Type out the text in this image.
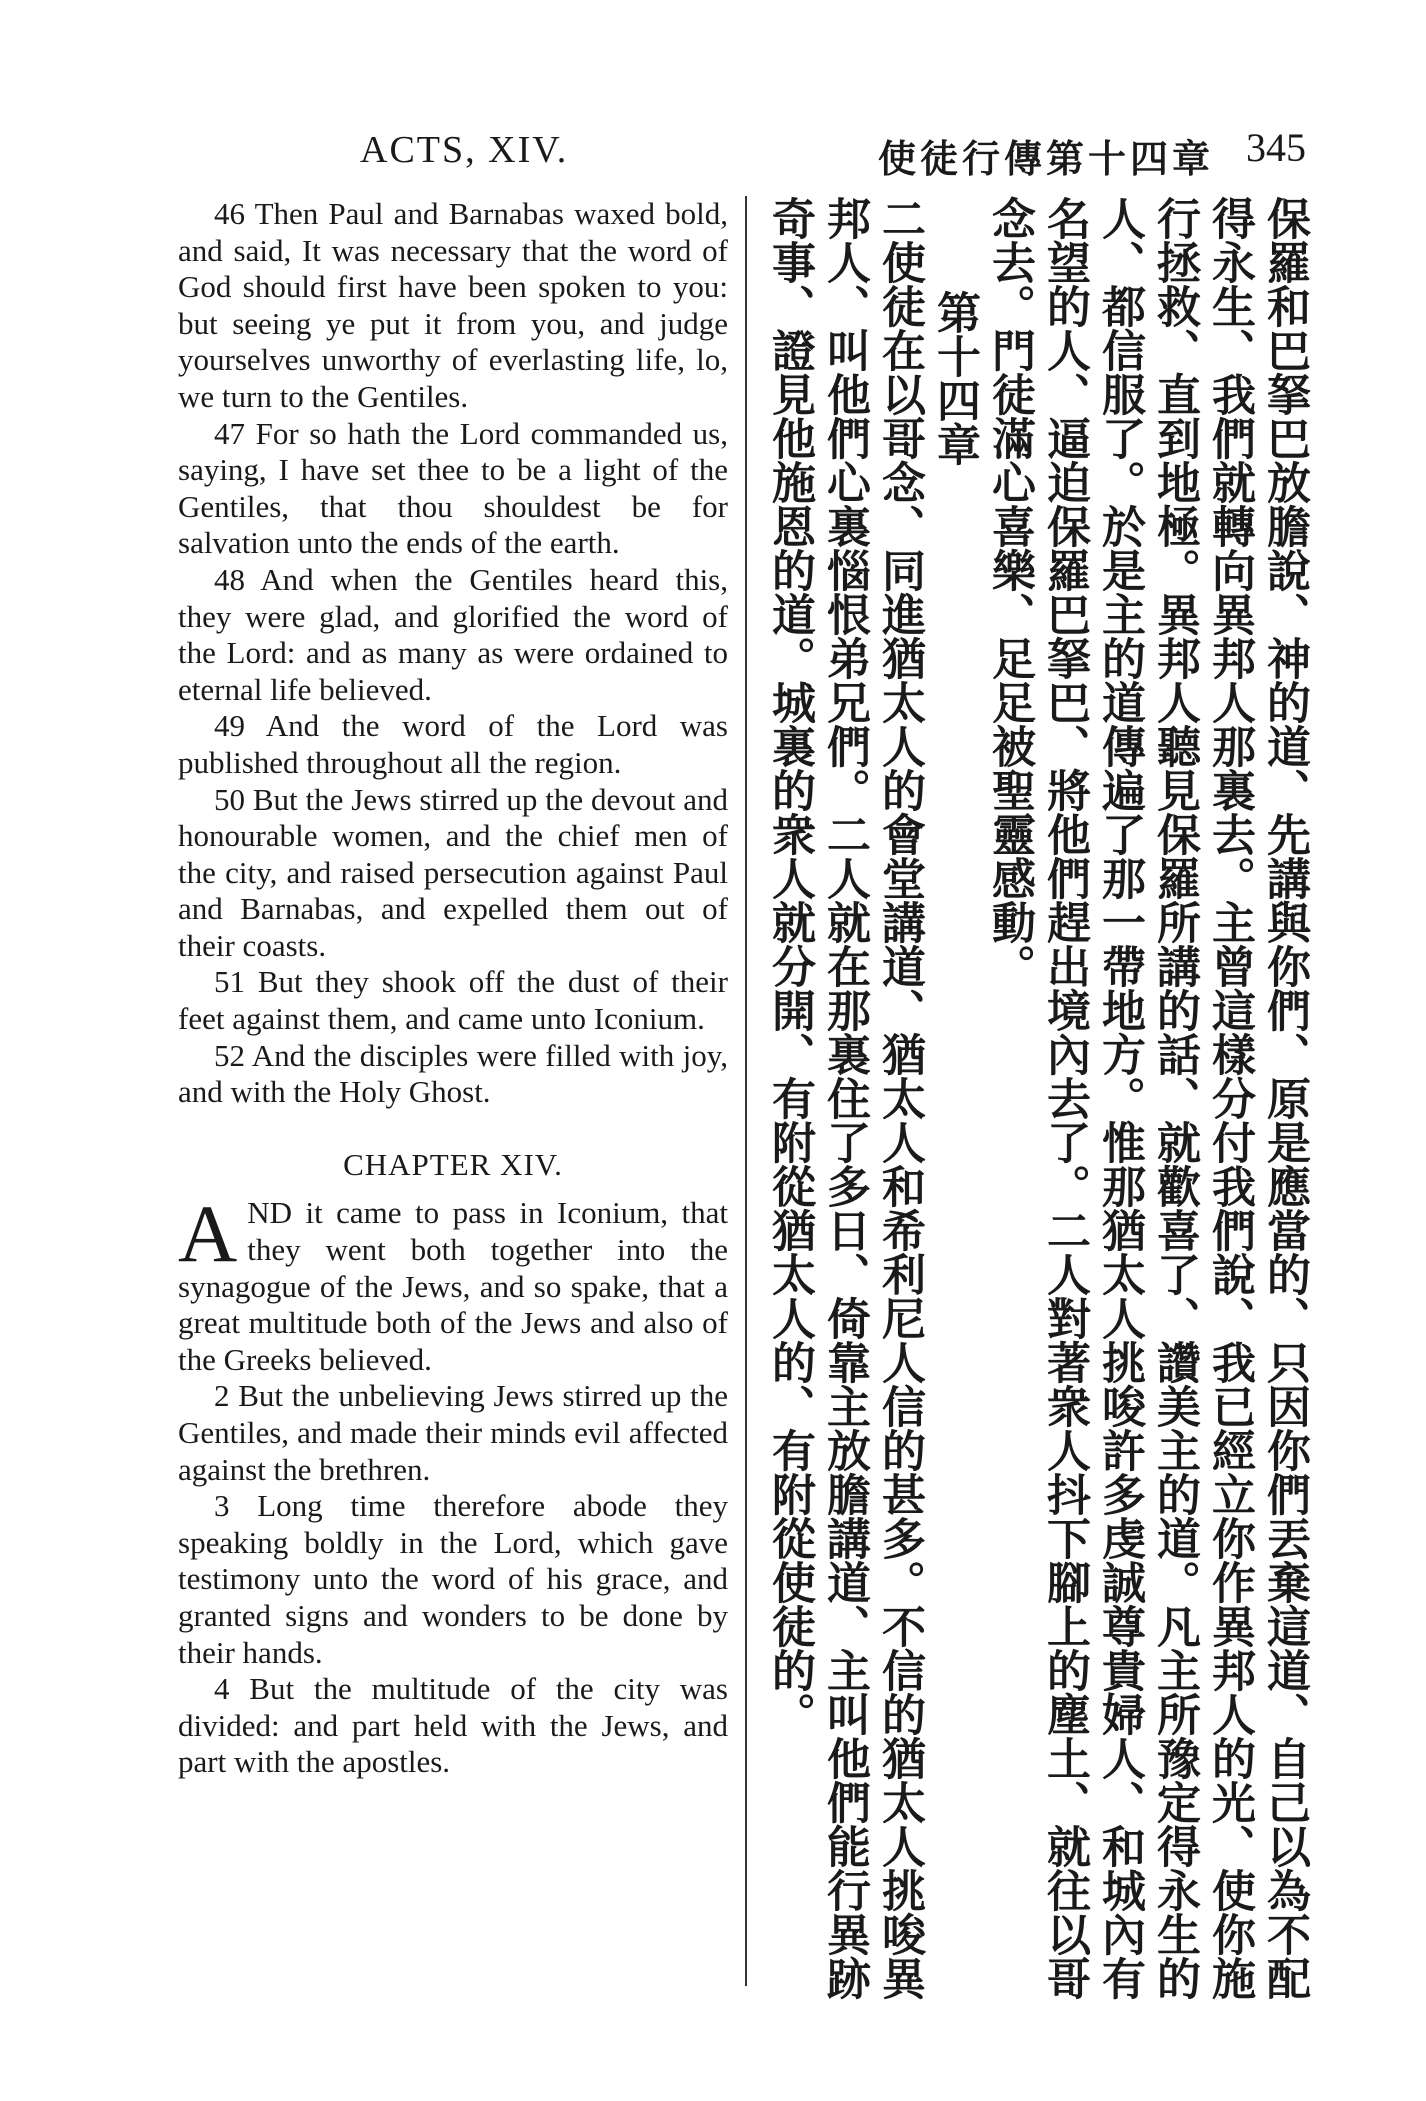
ACTS, XIV.	使徒行傳第十四章 345

46 Then Paul and Barnabas waxed bold, and said, It was necessary that the word of God should first have been spoken to you: but seeing ye put it from you, and judge yourselves unworthy of everlasting life, lo, we turn to the Gentiles.

47 For so hath the Lord commanded us, saying, I have set thee to be a light of the Gentiles, that thou shouldest be for salvation unto the ends of the earth.

48 And when the Gentiles heard this, they were glad, and glorified the word of the Lord: and as many as were ordained to eternal life believed.

49 And the word of the Lord was published throughout all the region.

50 But the Jews stirred up the devout and honourable women, and the chief men of the city, and raised persecution against Paul and Barnabas, and expelled them out of their coasts.

51 But they shook off the dust of their feet against them, and came unto Iconium.

52 And the disciples were filled with joy, and with the Holy Ghost.

CHAPTER XIV.

AND it came to pass in Iconium, that they went both together into the synagogue of the Jews, and so spake, that a great multitude both of the Jews and also of the Greeks believed.

2 But the unbelieving Jews stirred up the Gentiles, and made their minds evil affected against the brethren.

3 Long time therefore abode they speaking boldly in the Lord, which gave testimony unto the word of his grace, and granted signs and wonders to be done by their hands.

4 But the multitude of the city was divided: and part held with the Jews, and part with the apostles.	保羅和巴拏巴放膽說、神的道、先講與你們、原是應當的、只因你們丟棄這道、自己以為不配得永生、我們就轉向異邦人那裏去。主曾這樣分付我們說、我已經立你作異邦人的光、使你施行拯救、直到地極。異邦人聽見保羅所講的話、就歡喜了、讚美主的道。凡主所豫定得永生的人、都信服了。於是主的道傳遍了那一帶地方。惟那猶太人挑唆許多虔誠尊貴婦人、和城內有名望的人、逼迫保羅巴拏巴、將他們趕出境內去了。二人對著衆人抖下腳上的塵土、就往以哥念去。門徒滿心喜樂、足足被聖靈感動。

第十四章

二使徒在以哥念、同進猶太人的會堂講道、猶太人和希利尼人信的甚多。不信的猶太人挑唆異邦人、叫他們心裏惱恨弟兄們。二人就在那裏住了多日、倚靠主放膽講道、主叫他們能行異跡奇事、證見他施恩的道。城裏的衆人就分開、有附從猶太人的、有附從使徒的。
